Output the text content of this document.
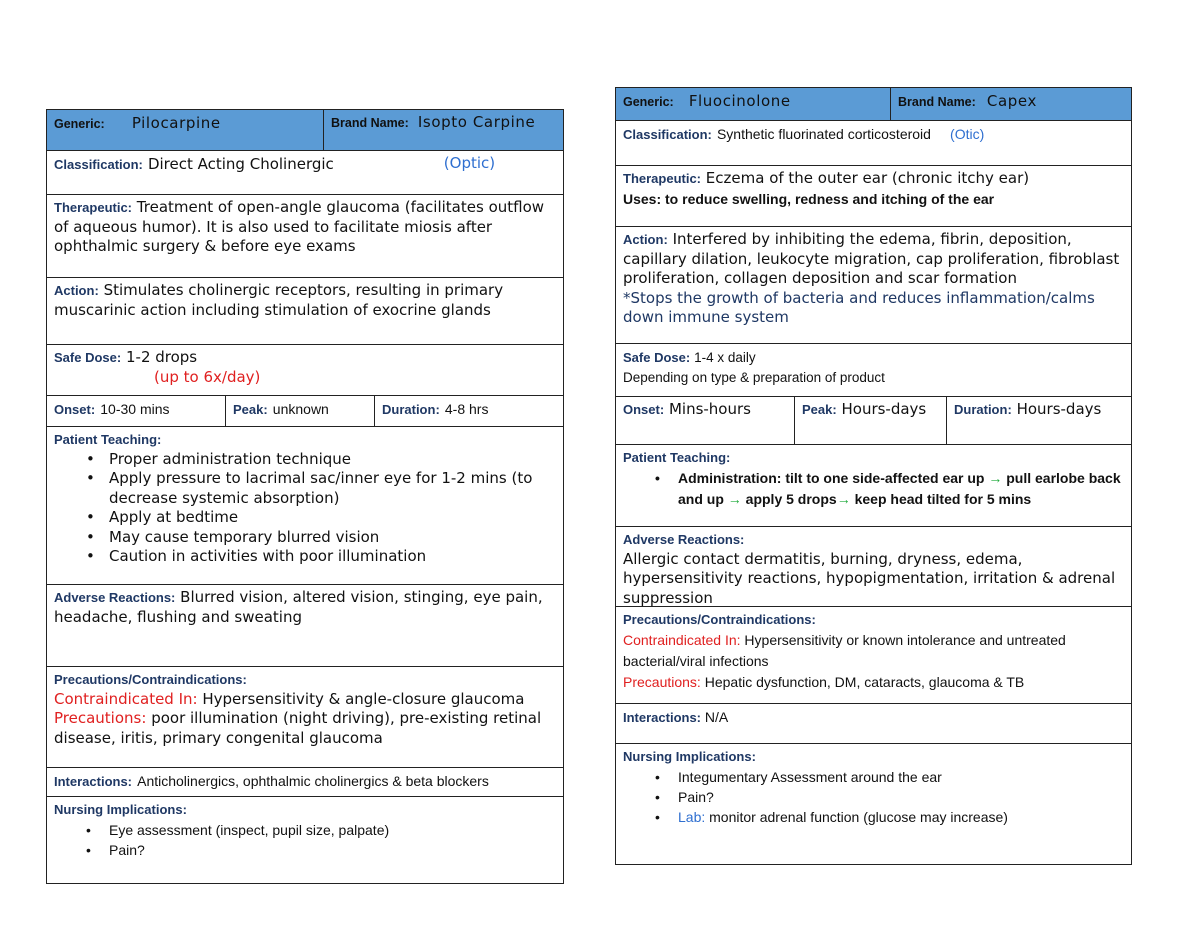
Generic: Pilocarpine	Brand Name: Isopto Carpine
Classification: Direct Acting Cholinergic	(Optic)
Therapeutic: Treatment of open-angle glaucoma (facilitates outflow of aqueous humor). It is also used to facilitate miosis after ophthalmic surgery & before eye exams
Action: Stimulates cholinergic receptors, resulting in primary muscarinic action including stimulation of exocrine glands
Safe Dose: 1-2 drops
(up to 6x/day)
Onset: 10-30 mins	Peak: unknown	Duration: 4-8 hrs
Patient Teaching:
• Proper administration technique
• Apply pressure to lacrimal sac/inner eye for 1-2 mins (to decrease systemic absorption)
• Apply at bedtime
• May cause temporary blurred vision
• Caution in activities with poor illumination
Adverse Reactions: Blurred vision, altered vision, stinging, eye pain, headache, flushing and sweating
Precautions/Contraindications:
Contraindicated In: Hypersensitivity & angle-closure glaucoma
Precautions: poor illumination (night driving), pre-existing retinal disease, iritis, primary congenital glaucoma
Interactions: Anticholinergics, ophthalmic cholinergics & beta blockers
Nursing Implications:
• Eye assessment (inspect, pupil size, palpate)
• Pain?
Generic: Fluocinolone	Brand Name: Capex
Classification: Synthetic fluorinated corticosteroid (Otic)
Therapeutic: Eczema of the outer ear (chronic itchy ear)
Uses: to reduce swelling, redness and itching of the ear
Action: Interfered by inhibiting the edema, fibrin, deposition, capillary dilation, leukocyte migration, cap proliferation, fibroblast proliferation, collagen deposition and scar formation
*Stops the growth of bacteria and reduces inflammation/calms down immune system
Safe Dose: 1-4 x daily
Depending on type & preparation of product
Onset: Mins-hours	Peak: Hours-days	Duration: Hours-days
Patient Teaching:
• Administration: tilt to one side-affected ear up → pull earlobe back and up → apply 5 drops→ keep head tilted for 5 mins
Adverse Reactions:
Allergic contact dermatitis, burning, dryness, edema, hypersensitivity reactions, hypopigmentation, irritation & adrenal suppression
Precautions/Contraindications:
Contraindicated In: Hypersensitivity or known intolerance and untreated bacterial/viral infections
Precautions: Hepatic dysfunction, DM, cataracts, glaucoma & TB
Interactions: N/A
Nursing Implications:
• Integumentary Assessment around the ear
• Pain?
• Lab: monitor adrenal function (glucose may increase)
